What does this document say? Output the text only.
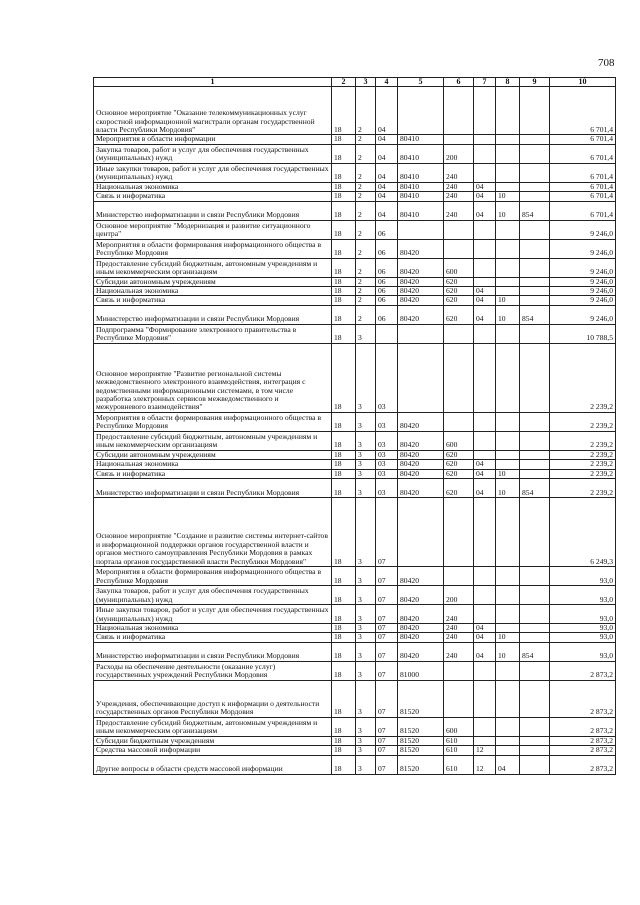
708
1	2	3	4	5	6	7	8	9	10
Основное мероприятие "Оказание телекоммуникационных услуг скоростной информационной магистрали органам государственной власти Республики Мордовия"	18	2	04						6 701,4
Мероприятия в области информации	18	2	04	80410					6 701,4
Закупка товаров, работ и услуг для обеспечения государственных (муниципальных) нужд	18	2	04	80410	200				6 701,4
Иные закупки товаров, работ и услуг для обеспечения государственных (муниципальных) нужд	18	2	04	80410	240				6 701,4
Национальная экономика	18	2	04	80410	240	04			6 701,4
Связь и информатика	18	2	04	80410	240	04	10		6 701,4
Министерство информатизации и связи Республики Мордовия	18	2	04	80410	240	04	10	854	6 701,4
Основное мероприятие "Модернизация и развитие ситуационного центра"	18	2	06						9 246,0
Мероприятия в области формирования информационного общества в Республике Мордовия	18	2	06	80420					9 246,0
Предоставление субсидий бюджетным, автономным учреждениям и иным некоммерческим организациям	18	2	06	80420	600				9 246,0
Субсидии автономным учреждениям	18	2	06	80420	620				9 246,0
Национальная экономика	18	2	06	80420	620	04			9 246,0
Связь и информатика	18	2	06	80420	620	04	10		9 246,0
Министерство информатизации и связи Республики Мордовия	18	2	06	80420	620	04	10	854	9 246,0
Подпрограмма "Формирование электронного правительства в Республике Мордовия"	18	3							10 788,5
Основное мероприятие "Развитие региональной системы межведомственного электронного взаимодействия, интеграция с ведомственными информационными системами, в том числе разработка электронных сервисов межведомственного и межуровневого взаимодействия"	18	3	03						2 239,2
Мероприятия в области формирования информационного общества в Республике Мордовия	18	3	03	80420					2 239,2
Предоставление субсидий бюджетным, автономным учреждениям и иным некоммерческим организациям	18	3	03	80420	600				2 239,2
Субсидии автономным учреждениям	18	3	03	80420	620				2 239,2
Национальная экономика	18	3	03	80420	620	04			2 239,2
Связь и информатика	18	3	03	80420	620	04	10		2 239,2
Министерство информатизации и связи Республики Мордовия	18	3	03	80420	620	04	10	854	2 239,2
Основное мероприятие "Создание и развитие системы интернет-сайтов и информационной поддержки органов государственной власти и органов местного самоуправления Республики Мордовия в рамках портала органов государственной власти Республики Мордовия"	18	3	07						6 249,3
Мероприятия в области формирования информационного общества в Республике Мордовия	18	3	07	80420					93,0
Закупка товаров, работ и услуг для обеспечения государственных (муниципальных) нужд	18	3	07	80420	200				93,0
Иные закупки товаров, работ и услуг для обеспечения государственных (муниципальных) нужд	18	3	07	80420	240				93,0
Национальная экономика	18	3	07	80420	240	04			93,0
Связь и информатика	18	3	07	80420	240	04	10		93,0
Министерство информатизации и связи Республики Мордовия	18	3	07	80420	240	04	10	854	93,0
Расходы на обеспечение деятельности (оказание услуг) государственных учреждений Республики Мордовия	18	3	07	81000					2 873,2
Учреждения, обеспечивающие доступ к информации о деятельности государственных органов Республики Мордовия	18	3	07	81520					2 873,2
Предоставление субсидий бюджетным, автономным учреждениям и иным некоммерческим организациям	18	3	07	81520	600				2 873,2
Субсидии бюджетным учреждениям	18	3	07	81520	610				2 873,2
Средства массовой информации	18	3	07	81520	610	12			2 873,2
Другие вопросы в области средств массовой информации	18	3	07	81520	610	12	04		2 873,2
